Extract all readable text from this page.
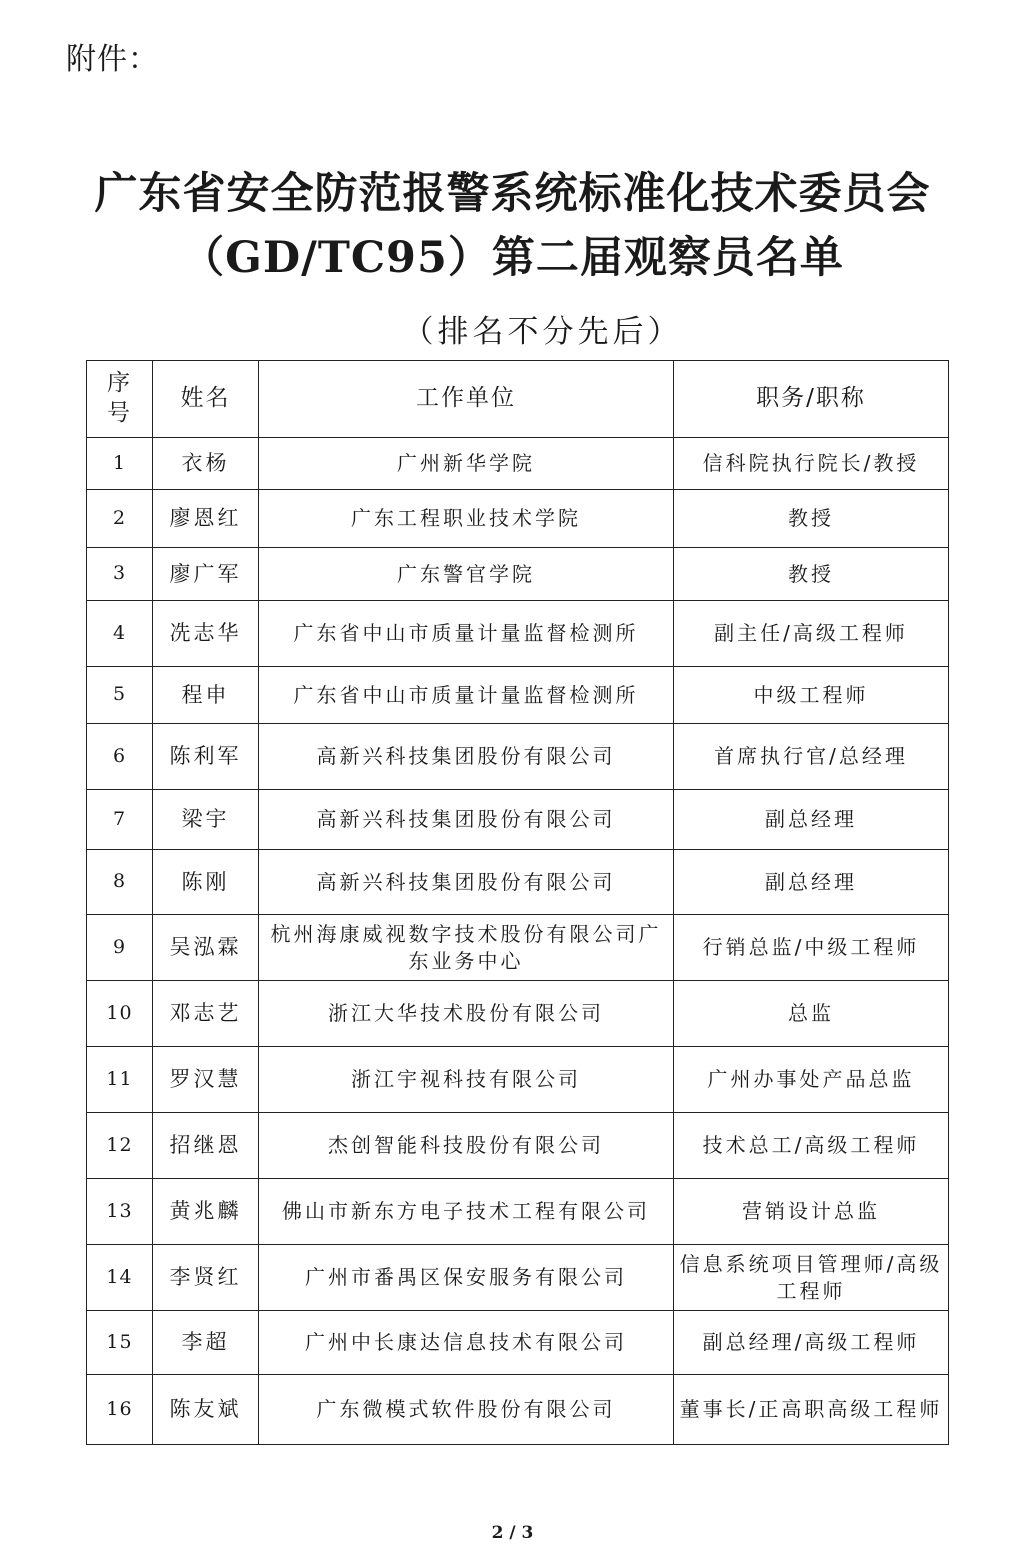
附件：
广东省安全防范报警系统标准化技术委员会
（GD/TC95）第二届观察员名单
（排名不分先后）
序号	姓名	工作单位	职务/职称
1	衣杨	广州新华学院	信科院执行院长/教授
2	廖恩红	广东工程职业技术学院	教授
3	廖广军	广东警官学院	教授
4	冼志华	广东省中山市质量计量监督检测所	副主任/高级工程师
5	程申	广东省中山市质量计量监督检测所	中级工程师
6	陈利军	高新兴科技集团股份有限公司	首席执行官/总经理
7	梁宇	高新兴科技集团股份有限公司	副总经理
8	陈刚	高新兴科技集团股份有限公司	副总经理
9	吴泓霖	杭州海康威视数字技术股份有限公司广东业务中心	行销总监/中级工程师
10	邓志艺	浙江大华技术股份有限公司	总监
11	罗汉慧	浙江宇视科技有限公司	广州办事处产品总监
12	招继恩	杰创智能科技股份有限公司	技术总工/高级工程师
13	黄兆麟	佛山市新东方电子技术工程有限公司	营销设计总监
14	李贤红	广州市番禺区保安服务有限公司	信息系统项目管理师/高级工程师
15	李超	广州中长康达信息技术有限公司	副总经理/高级工程师
16	陈友斌	广东微模式软件股份有限公司	董事长/正高职高级工程师
2 / 3
